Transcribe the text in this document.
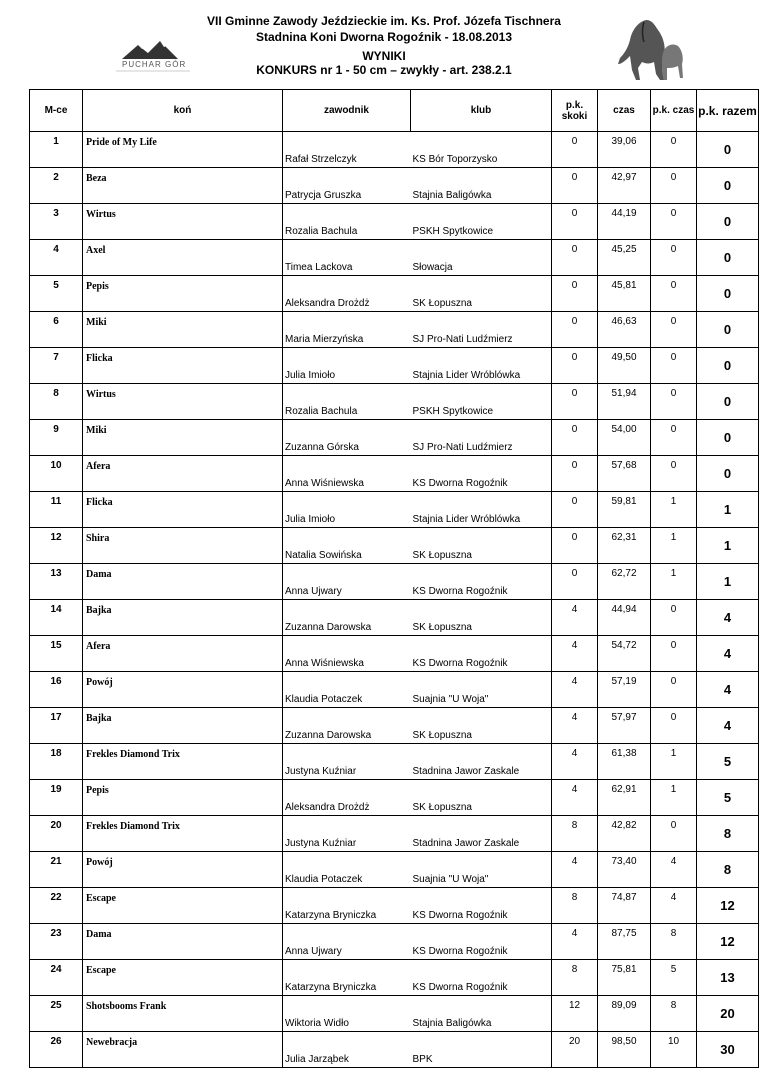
VII Gminne Zawody Jeździeckie im. Ks. Prof. Józefa Tischnera
Stadnina Koni Dworna Rogoźnik - 18.08.2013
WYNIKI
KONKURS nr 1 - 50 cm – zwykły - art. 238.2.1
PUCHAR GÓR
M-ce	koń	zawodnik	klub	p.k. skoki	czas	p.k. czas	p.k. razem
1	Pride of My Life	Rafał Strzelczyk	KS Bór Toporzysko	0	39,06	0	0
2	Beza	Patrycja Gruszka	Stajnia Baligówka	0	42,97	0	0
3	Wirtus	Rozalia Bachula	PSKH Spytkowice	0	44,19	0	0
4	Axel	Timea Lackova	Słowacja	0	45,25	0	0
5	Pepis	Aleksandra Drożdż	SK Łopuszna	0	45,81	0	0
6	Miki	Maria Mierzyńska	SJ Pro-Nati Ludźmierz	0	46,63	0	0
7	Flicka	Julia Imioło	Stajnia Lider Wróblówka	0	49,50	0	0
8	Wirtus	Rozalia Bachula	PSKH Spytkowice	0	51,94	0	0
9	Miki	Zuzanna Górska	SJ Pro-Nati Ludźmierz	0	54,00	0	0
10	Afera	Anna Wiśniewska	KS Dworna Rogoźnik	0	57,68	0	0
11	Flicka	Julia Imioło	Stajnia Lider Wróblówka	0	59,81	1	1
12	Shira	Natalia Sowińska	SK Łopuszna	0	62,31	1	1
13	Dama	Anna Ujwary	KS Dworna Rogoźnik	0	62,72	1	1
14	Bajka	Zuzanna Darowska	SK Łopuszna	4	44,94	0	4
15	Afera	Anna Wiśniewska	KS Dworna Rogoźnik	4	54,72	0	4
16	Powój	Klaudia Potaczek	Suajnia "U Woja"	4	57,19	0	4
17	Bajka	Zuzanna Darowska	SK Łopuszna	4	57,97	0	4
18	Frekles Diamond Trix	Justyna Kuźniar	Stadnina Jawor Zaskale	4	61,38	1	5
19	Pepis	Aleksandra Drożdż	SK Łopuszna	4	62,91	1	5
20	Frekles Diamond Trix	Justyna Kuźniar	Stadnina Jawor Zaskale	8	42,82	0	8
21	Powój	Klaudia Potaczek	Suajnia "U Woja"	4	73,40	4	8
22	Escape	Katarzyna Bryniczka	KS Dworna Rogoźnik	8	74,87	4	12
23	Dama	Anna Ujwary	KS Dworna Rogoźnik	4	87,75	8	12
24	Escape	Katarzyna Bryniczka	KS Dworna Rogoźnik	8	75,81	5	13
25	Shotsbooms Frank	Wiktoria Widło	Stajnia Baligówka	12	89,09	8	20
26	Newebracja	Julia Jarząbek	BPK	20	98,50	10	30
